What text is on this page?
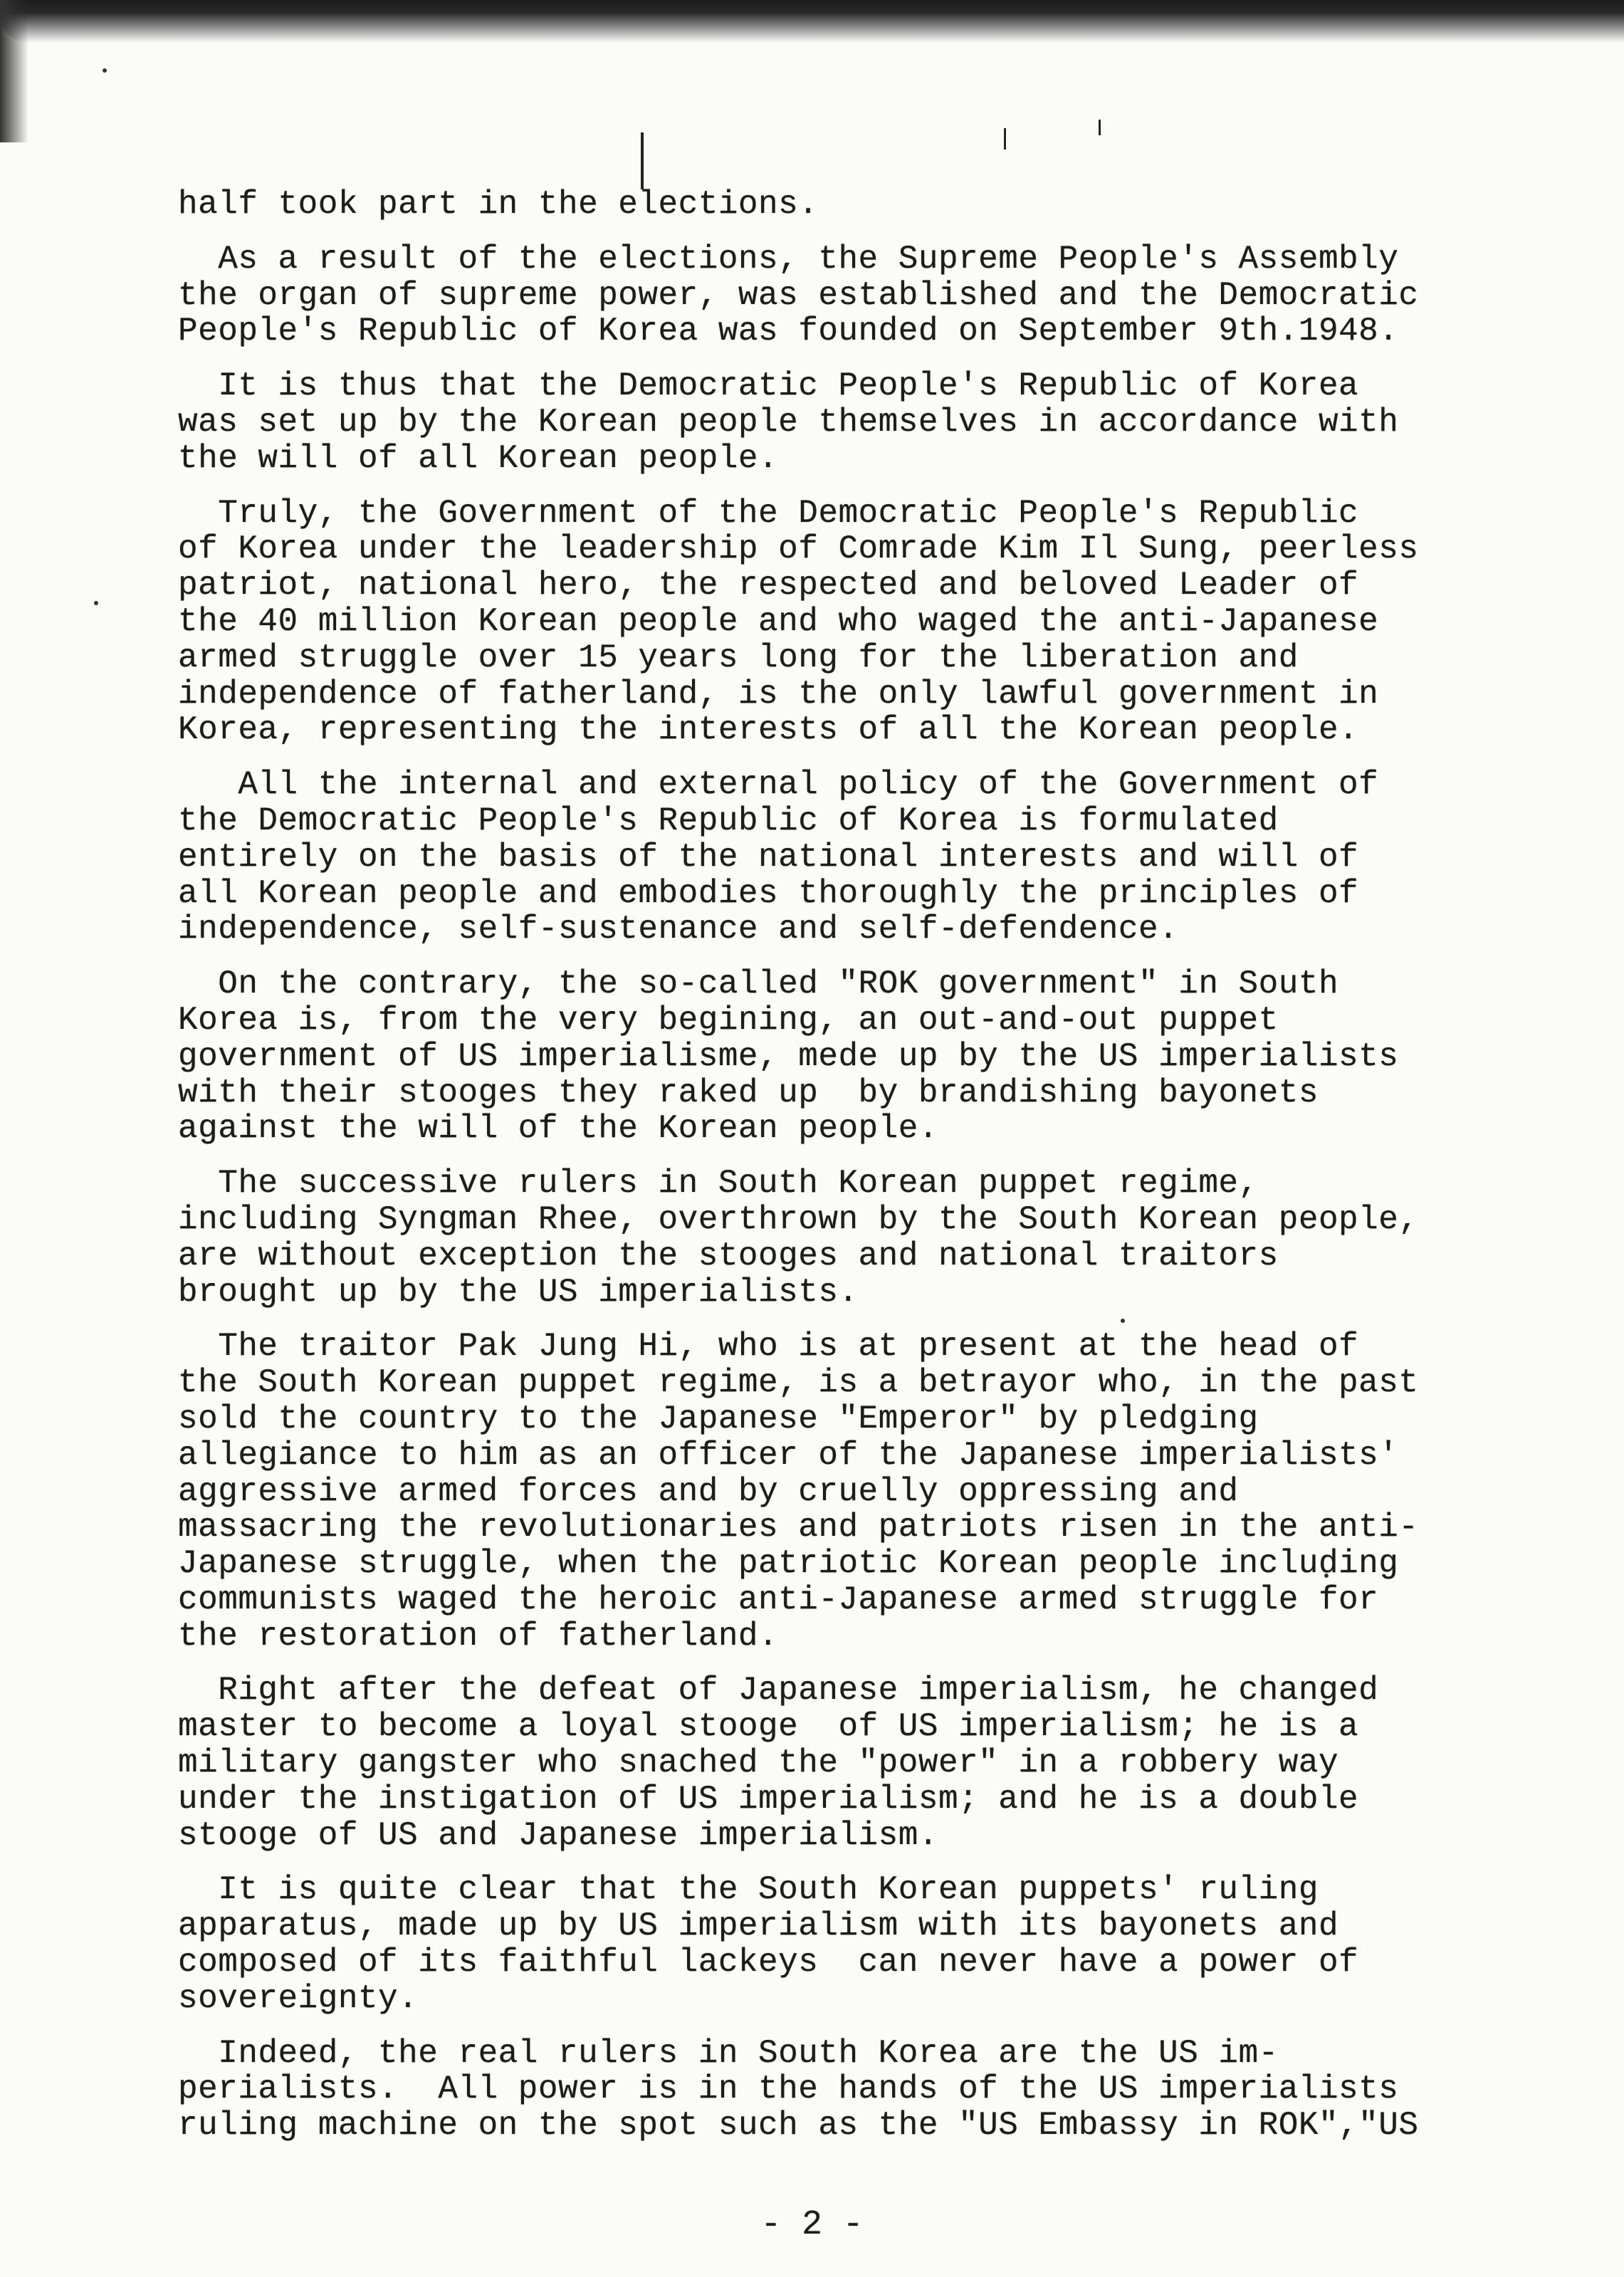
half took part in the elections.
As a result of the elections, the Supreme People's Assembly
the organ of supreme power, was established and the Democratic
People's Republic of Korea was founded on September 9th.1948.
It is thus that the Democratic People's Republic of Korea
was set up by the Korean people themselves in accordance with
the will of all Korean people.
Truly, the Government of the Democratic People's Republic
of Korea under the leadership of Comrade Kim Il Sung, peerless
patriot, national hero, the respected and beloved Leader of
the 40 million Korean people and who waged the anti-Japanese
armed struggle over 15 years long for the liberation and
independence of fatherland, is the only lawful government in
Korea, representing the interests of all the Korean people.
All the internal and external policy of the Government of
the Democratic People's Republic of Korea is formulated
entirely on the basis of the national interests and will of
all Korean people and embodies thoroughly the principles of
independence, self-sustenance and self-defendence.
On the contrary, the so-called "ROK government" in South
Korea is, from the very begining, an out-and-out puppet
government of US imperialisme, mede up by the US imperialists
with their stooges they raked up  by brandishing bayonets
against the will of the Korean people.
The successive rulers in South Korean puppet regime,
including Syngman Rhee, overthrown by the South Korean people,
are without exception the stooges and national traitors
brought up by the US imperialists.
The traitor Pak Jung Hi, who is at present at the head of
the South Korean puppet regime, is a betrayor who, in the past
sold the country to the Japanese "Emperor" by pledging
allegiance to him as an officer of the Japanese imperialists'
aggressive armed forces and by cruelly oppressing and
massacring the revolutionaries and patriots risen in the anti-
Japanese struggle, when the patriotic Korean people including
communists waged the heroic anti-Japanese armed struggle for
the restoration of fatherland.
Right after the defeat of Japanese imperialism, he changed
master to become a loyal stooge  of US imperialism; he is a
military gangster who snached the "power" in a robbery way
under the instigation of US imperialism; and he is a double
stooge of US and Japanese imperialism.
It is quite clear that the South Korean puppets' ruling
apparatus, made up by US imperialism with its bayonets and
composed of its faithful lackeys  can never have a power of
sovereignty.
Indeed, the real rulers in South Korea are the US im-
perialists.  All power is in the hands of the US imperialists
ruling machine on the spot such as the "US Embassy in ROK","US
- 2 -
